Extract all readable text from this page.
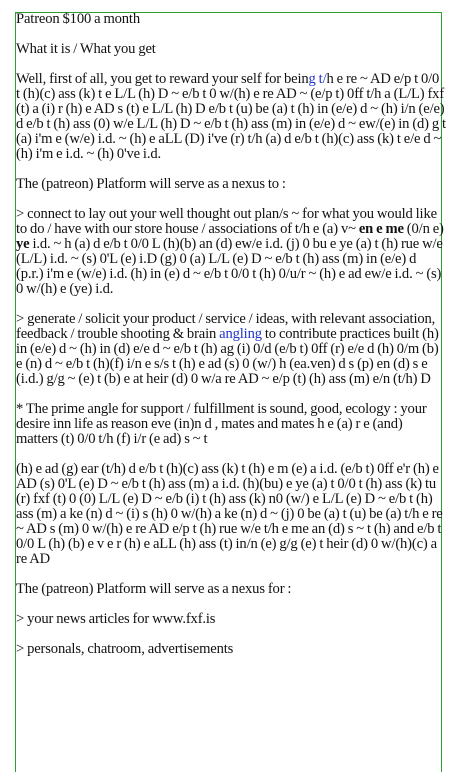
Patreon $100 a month

What it is / What you get

Well, first of all, you get to reward your self for being t/h e re ~ AD e/p t 0/0 t (h)(c) ass (k) t e L/L (h) D ~ e/b t 0 w/(h) e re AD ~ (e/p t) 0ff t/h a (L/L) fxf (t) a (i) r (h) e AD s (t) e L/L (h) D e/b t (u) be (a) t (h) in (e/e) d ~ (h) i/n (e/e) d e/b t (h) ass (0) w/e L/L (h) D ~ e/b t (h) ass (m) in (e/e) d ~ ew/(e) in (d) g t (a) i'm e (w/e) i.d. ~ (h) e aLL (D) i've (r) t/h (a) d e/b t (h)(c) ass (k) t e/e d ~ (h) i'm e i.d. ~ (h) 0've i.d.

The (patreon) Platform will serve as a nexus to :

> connect to lay out your well thought out plan/s ~ for what you would like to do / have with our store house / associations of t/h e (a) v~ en e me (0/n e) ye i.d. ~ h (a) d e/b t 0/0 L (h)(b) an (d) ew/e i.d. (j) 0 bu e ye (a) t (h) rue w/e (L/L) i.d. ~ (s) 0'L (e) i.D (g) 0 (a) L/L (e) D ~ e/b t (h) ass (m) in (e/e) d (p.r.) i'm e (w/e) i.d. (h) in (e) d ~ e/b t 0/0 t (h) 0/u/r ~ (h) e ad ew/e i.d. ~ (s) 0 w/(h) e (ye) i.d.

> generate / solicit your product / service / ideas, with relevant association, feedback / trouble shooting & brain angling to contribute practices built (h) in (e/e) d ~ (h) in (d) e/e d ~ e/b t (h) ag (i) 0/d (e/b t) 0ff (r) e/e d (h) 0/m (b) e (n) d ~ e/b t (h)(f) i/n e s/s t (h) e ad (s) 0 (w/) h (ea.ven) d s (p) en (d) s e (i.d.) g/g ~ (e) t (b) e at heir (d) 0 w/a re AD ~ e/p (t) (h) ass (m) e/n (t/h) D

* The prime angle for support / fulfillment is sound, good, ecology : your desire inn life as reason eve (in)n d , mates and mates h e (a) r e (and) matters (t) 0/0 t/h (f) i/r (e ad) s ~ t

(h) e ad (g) ear (t/h) d e/b t (h)(c) ass (k) t (h) e m (e) a i.d. (e/b t) 0ff e'r (h) e AD (s) 0'L (e) D ~ e/b t (h) ass (m) a i.d. (h)(bu) e ye (a) t 0/0 t (h) ass (k) tu (r) fxf (t) 0 (0) L/L (e) D ~ e/b (i) t (h) ass (k) n0 (w/) e L/L (e) D ~ e/b t (h) ass (m) a ke (n) d ~ (i) s (h) 0 w/(h) a ke (n) d ~ (j) 0 be (a) t (u) be (a) t/h e re ~ AD s (m) 0 w/(h) e re AD e/p t (h) rue w/e t/h e me an (d) s ~ t (h) and e/b t 0/0 L (h) (b) e v e r (h) e aLL (h) ass (t) in/n (e) g/g (e) t heir (d) 0 w/(h)(c) a re AD

The (patreon) Platform will serve as a nexus for :

> your news articles for www.fxf.is

> personals, chatroom, advertisements
